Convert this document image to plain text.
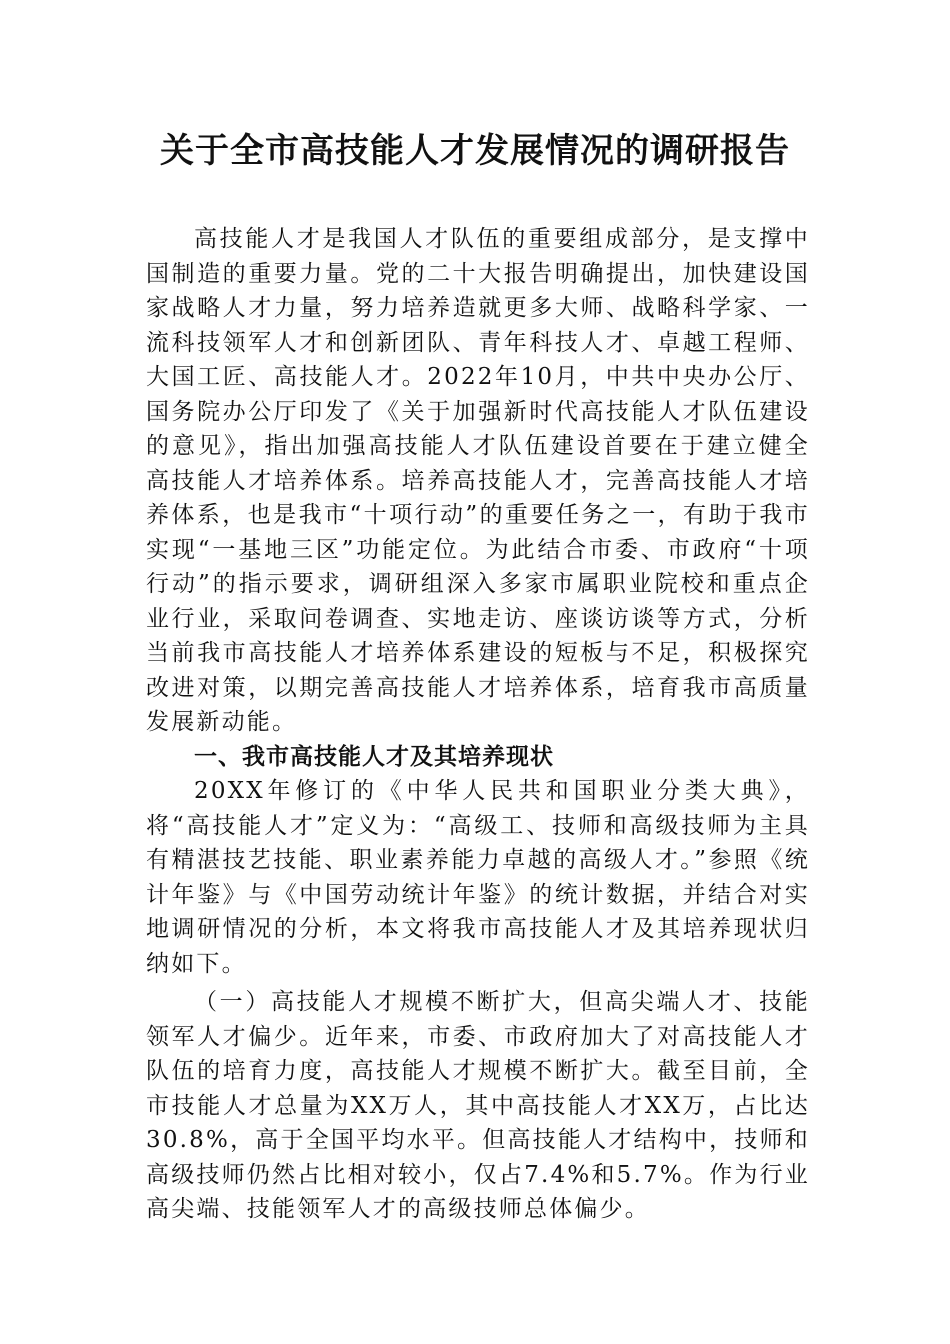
关于全市高技能人才发展情况的调研报告

高技能人才是我国人才队伍的重要组成部分，是支撑中国制造的重要力量。党的二十大报告明确提出，加快建设国家战略人才力量，努力培养造就更多大师、战略科学家、一流科技领军人才和创新团队、青年科技人才、卓越工程师、大国工匠、高技能人才。2022年10月，中共中央办公厅、国务院办公厅印发了《关于加强新时代高技能人才队伍建设的意见》，指出加强高技能人才队伍建设首要在于建立健全高技能人才培养体系。培养高技能人才，完善高技能人才培养体系，也是我市“十项行动”的重要任务之一，有助于我市实现“一基地三区”功能定位。为此结合市委、市政府“十项行动”的指示要求，调研组深入多家市属职业院校和重点企业行业，采取问卷调查、实地走访、座谈访谈等方式，分析当前我市高技能人才培养体系建设的短板与不足，积极探究改进对策，以期完善高技能人才培养体系，培育我市高质量发展新动能。

一、我市高技能人才及其培养现状

20XX年修订的《中华人民共和国职业分类大典》，将“高技能人才”定义为：“高级工、技师和高级技师为主具有精湛技艺技能、职业素养能力卓越的高级人才。”参照《统计年鉴》与《中国劳动统计年鉴》的统计数据，并结合对实地调研情况的分析，本文将我市高技能人才及其培养现状归纳如下。

（一）高技能人才规模不断扩大，但高尖端人才、技能领军人才偏少。近年来，市委、市政府加大了对高技能人才队伍的培育力度，高技能人才规模不断扩大。截至目前，全市技能人才总量为XX万人，其中高技能人才XX万，占比达30.8%，高于全国平均水平。但高技能人才结构中，技师和高级技师仍然占比相对较小，仅占7.4%和5.7%。作为行业高尖端、技能领军人才的高级技师总体偏少。
